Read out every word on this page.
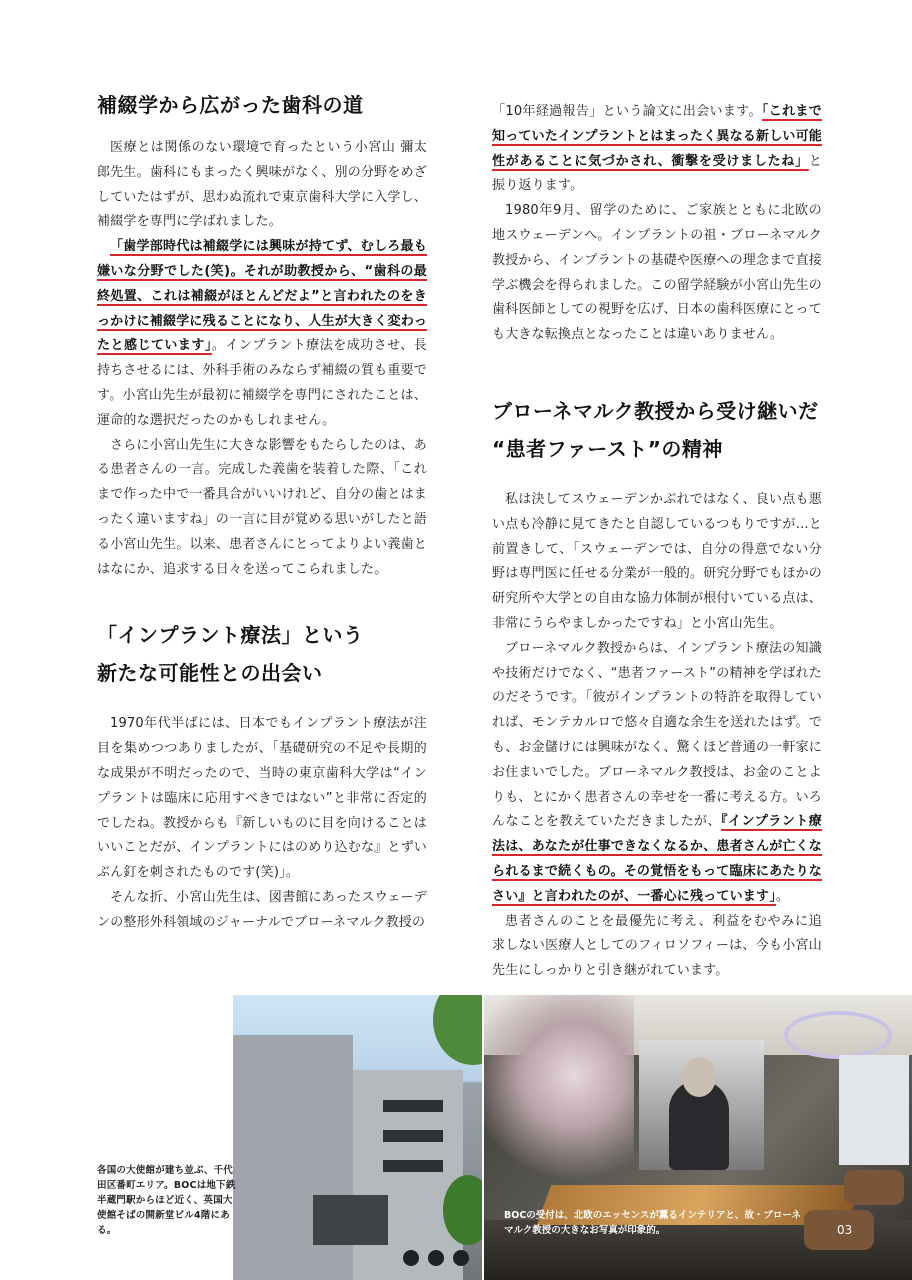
補綴学から広がった歯科の道

医療とは関係のない環境で育ったという小宮山 彌太郎先生。歯科にもまったく興味がなく、別の分野をめざしていたはずが、思わぬ流れで東京歯科大学に入学し、補綴学を専門に学ばれました。

「歯学部時代は補綴学には興味が持てず、むしろ最も嫌いな分野でした(笑)。それが助教授から、“歯科の最終処置、これは補綴がほとんどだよ”と言われたのをきっかけに補綴学に残ることになり、人生が大きく変わったと感じています」。インプラント療法を成功させ、長持ちさせるには、外科手術のみならず補綴の質も重要です。小宮山先生が最初に補綴学を専門にされたことは、運命的な選択だったのかもしれません。

さらに小宮山先生に大きな影響をもたらしたのは、ある患者さんの一言。完成した義歯を装着した際、「これまで作った中で一番具合がいいけれど、自分の歯とはまったく違いますね」の一言に目が覚める思いがしたと語る小宮山先生。以来、患者さんにとってよりよい義歯とはなにか、追求する日々を送ってこられました。

「インプラント療法」という
新たな可能性との出会い

1970年代半ばには、日本でもインプラント療法が注目を集めつつありましたが、「基礎研究の不足や長期的な成果が不明だったので、当時の東京歯科大学は“インプラントは臨床に応用すべきではない”と非常に否定的でしたね。教授からも『新しいものに目を向けることはいいことだが、インプラントにはのめり込むな』とずいぶん釘を刺されたものです(笑)」。

そんな折、小宮山先生は、図書館にあったスウェーデンの整形外科領域のジャーナルでブローネマルク教授の

「10年経過報告」という論文に出会います。「これまで知っていたインプラントとはまったく異なる新しい可能性があることに気づかされ、衝撃を受けましたね」と振り返ります。

1980年9月、留学のために、ご家族とともに北欧の地スウェーデンへ。インプラントの祖・ブローネマルク教授から、インプラントの基礎や医療への理念まで直接学ぶ機会を得られました。この留学経験が小宮山先生の歯科医師としての視野を広げ、日本の歯科医療にとっても大きな転換点となったことは違いありません。

ブローネマルク教授から受け継いだ
“患者ファースト”の精神

私は決してスウェーデンかぶれではなく、良い点も悪い点も冷静に見てきたと自認しているつもりですが…と前置きして、「スウェーデンでは、自分の得意でない分野は専門医に任せる分業が一般的。研究分野でもほかの研究所や大学との自由な協力体制が根付いている点は、非常にうらやましかったですね」と小宮山先生。

ブローネマルク教授からは、インプラント療法の知識や技術だけでなく、“患者ファースト”の精神を学ばれたのだそうです。「彼がインプラントの特許を取得していれば、モンテカルロで悠々自適な余生を送れたはず。でも、お金儲けには興味がなく、驚くほど普通の一軒家にお住まいでした。ブローネマルク教授は、お金のことよりも、とにかく患者さんの幸せを一番に考える方。いろんなことを教えていただきましたが、『インプラント療法は、あなたが仕事できなくなるか、患者さんが亡くなられるまで続くもの。その覚悟をもって臨床にあたりなさい』と言われたのが、一番心に残っています」。

患者さんのことを最優先に考え、利益をむやみに追求しない医療人としてのフィロソフィーは、今も小宮山先生にしっかりと引き継がれています。

BOCの受付は、北欧のエッセンスが薫るインテリアと、故・ブローネマルク教授の大きなお写真が印象的。	03
各国の大使館が建ち並ぶ、千代田区番町エリア。BOCは地下鉄半蔵門駅からほど近く、英国大使館そばの開新堂ビル4階にある。
